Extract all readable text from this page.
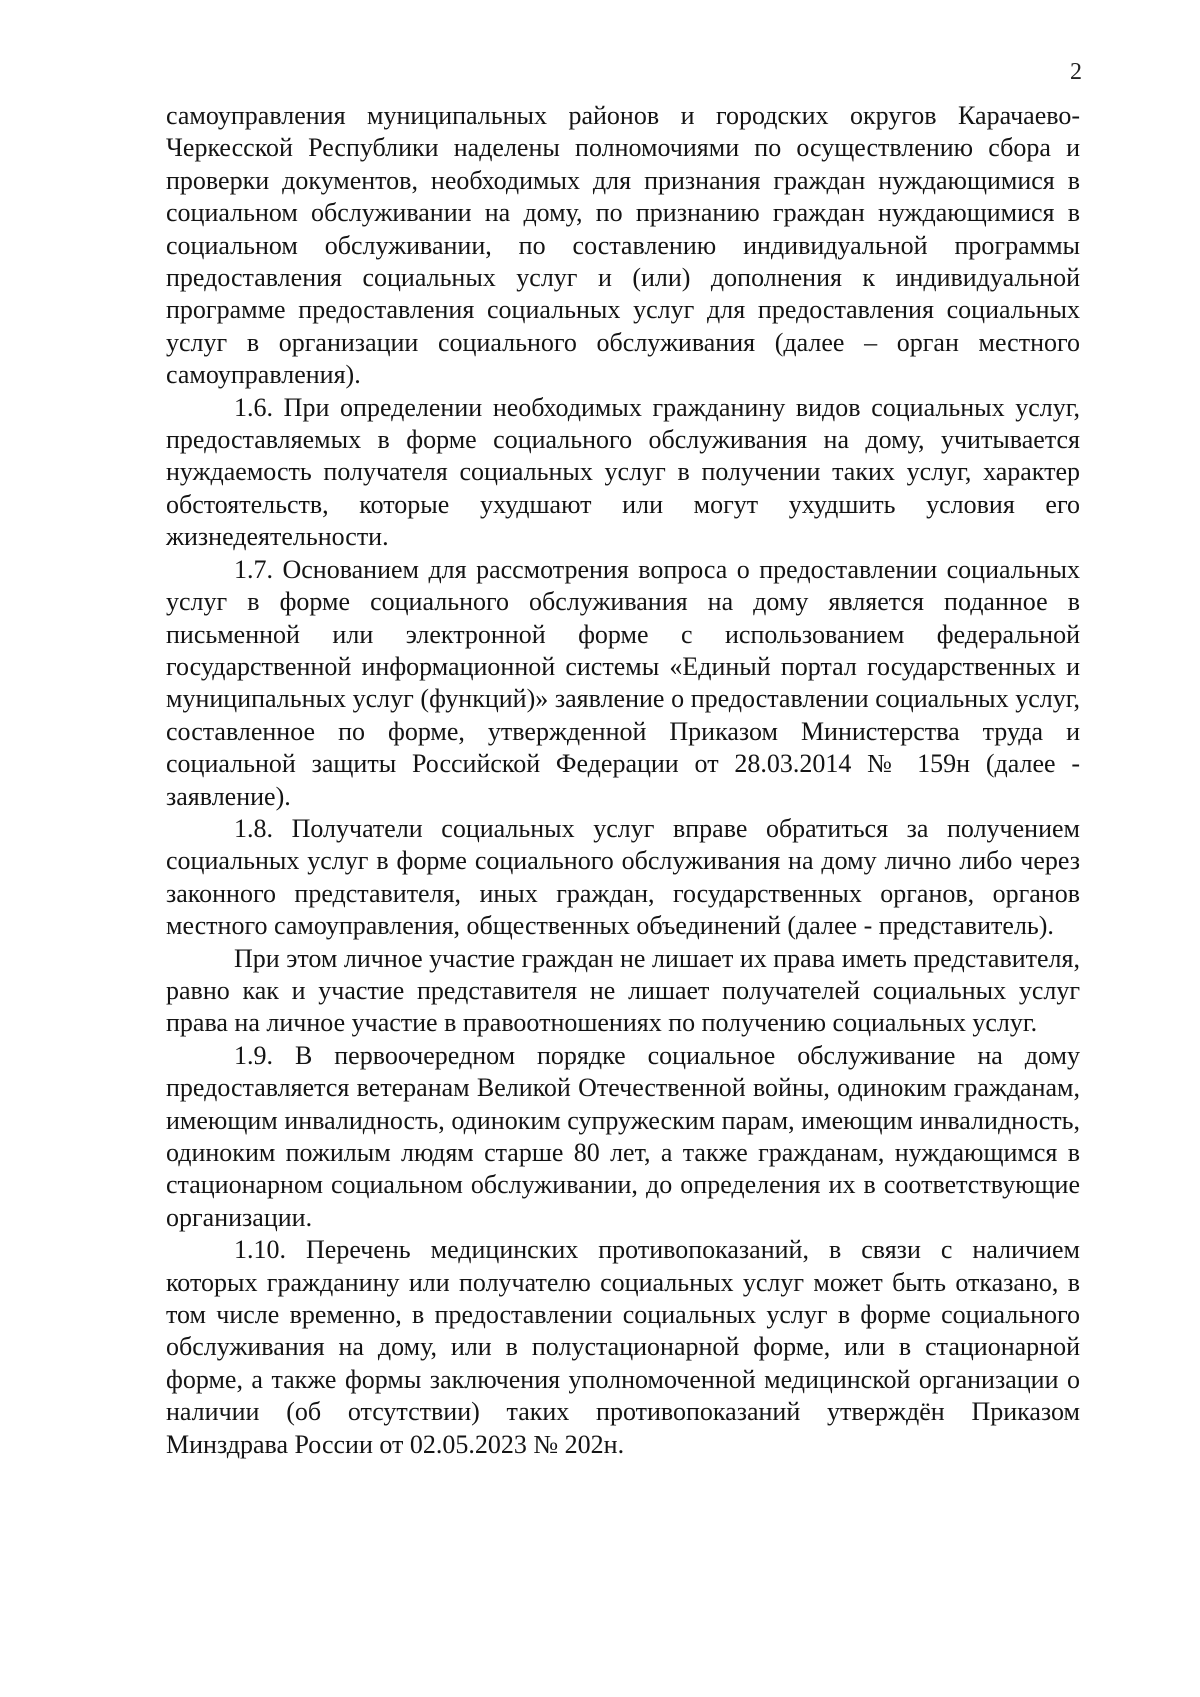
2

самоуправления муниципальных районов и городских округов Карачаево-Черкесской Республики наделены полномочиями по осуществлению сбора и проверки документов, необходимых для признания граждан нуждающимися в социальном обслуживании на дому, по признанию граждан нуждающимися в социальном обслуживании, по составлению индивидуальной программы предоставления социальных услуг и (или) дополнения к индивидуальной программе предоставления социальных услуг для предоставления социальных услуг в организации социального обслуживания (далее – орган местного самоуправления).

1.6. При определении необходимых гражданину видов социальных услуг, предоставляемых в форме социального обслуживания на дому, учитывается нуждаемость получателя социальных услуг в получении таких услуг, характер обстоятельств, которые ухудшают или могут ухудшить условия его жизнедеятельности.

1.7. Основанием для рассмотрения вопроса о предоставлении социальных услуг в форме социального обслуживания на дому является поданное в письменной или электронной форме с использованием федеральной государственной информационной системы «Единый портал государственных и муниципальных услуг (функций)» заявление о предоставлении социальных услуг, составленное по форме, утвержденной Приказом Министерства труда и социальной защиты Российской Федерации от 28.03.2014 № 159н (далее - заявление).

1.8. Получатели социальных услуг вправе обратиться за получением социальных услуг в форме социального обслуживания на дому лично либо через законного представителя, иных граждан, государственных органов, органов местного самоуправления, общественных объединений (далее - представитель).

При этом личное участие граждан не лишает их права иметь представителя, равно как и участие представителя не лишает получателей социальных услуг права на личное участие в правоотношениях по получению социальных услуг.

1.9. В первоочередном порядке социальное обслуживание на дому предоставляется ветеранам Великой Отечественной войны, одиноким гражданам, имеющим инвалидность, одиноким супружеским парам, имеющим инвалидность, одиноким пожилым людям старше 80 лет, а также гражданам, нуждающимся в стационарном социальном обслуживании, до определения их в соответствующие организации.

1.10. Перечень медицинских противопоказаний, в связи с наличием которых гражданину или получателю социальных услуг может быть отказано, в том числе временно, в предоставлении социальных услуг в форме социального обслуживания на дому, или в полустационарной форме, или в стационарной форме, а также формы заключения уполномоченной медицинской организации о наличии (об отсутствии) таких противопоказаний утверждён Приказом Минздрава России от 02.05.2023 № 202н.
